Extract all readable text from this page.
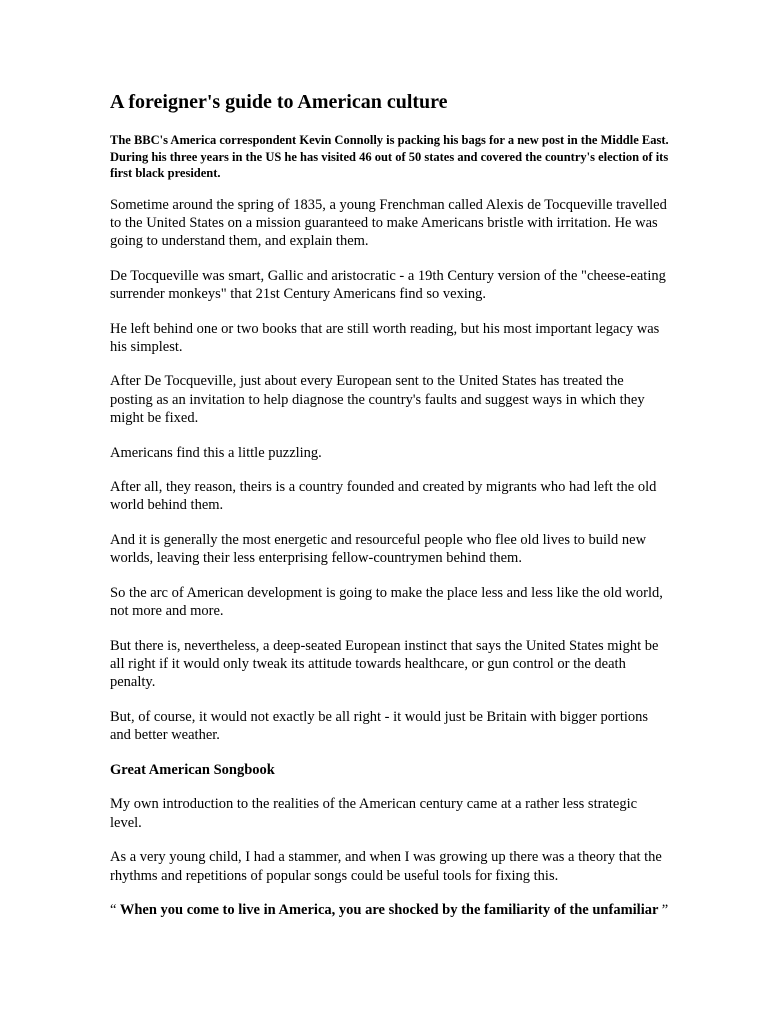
A foreigner's guide to American culture

The BBC's America correspondent Kevin Connolly is packing his bags for a new post in the Middle East. During his three years in the US he has visited 46 out of 50 states and covered the country's election of its first black president.

Sometime around the spring of 1835, a young Frenchman called Alexis de Tocqueville travelled to the United States on a mission guaranteed to make Americans bristle with irritation. He was going to understand them, and explain them.

De Tocqueville was smart, Gallic and aristocratic - a 19th Century version of the "cheese-eating surrender monkeys" that 21st Century Americans find so vexing.

He left behind one or two books that are still worth reading, but his most important legacy was his simplest.

After De Tocqueville, just about every European sent to the United States has treated the posting as an invitation to help diagnose the country's faults and suggest ways in which they might be fixed.

Americans find this a little puzzling.

After all, they reason, theirs is a country founded and created by migrants who had left the old world behind them.

And it is generally the most energetic and resourceful people who flee old lives to build new worlds, leaving their less enterprising fellow-countrymen behind them.

So the arc of American development is going to make the place less and less like the old world, not more and more.

But there is, nevertheless, a deep-seated European instinct that says the United States might be all right if it would only tweak its attitude towards healthcare, or gun control or the death penalty.

But, of course, it would not exactly be all right - it would just be Britain with bigger portions and better weather.

Great American Songbook

My own introduction to the realities of the American century came at a rather less strategic level.

As a very young child, I had a stammer, and when I was growing up there was a theory that the rhythms and repetitions of popular songs could be useful tools for fixing this.

“ When you come to live in America, you are shocked by the familiarity of the unfamiliar ”
